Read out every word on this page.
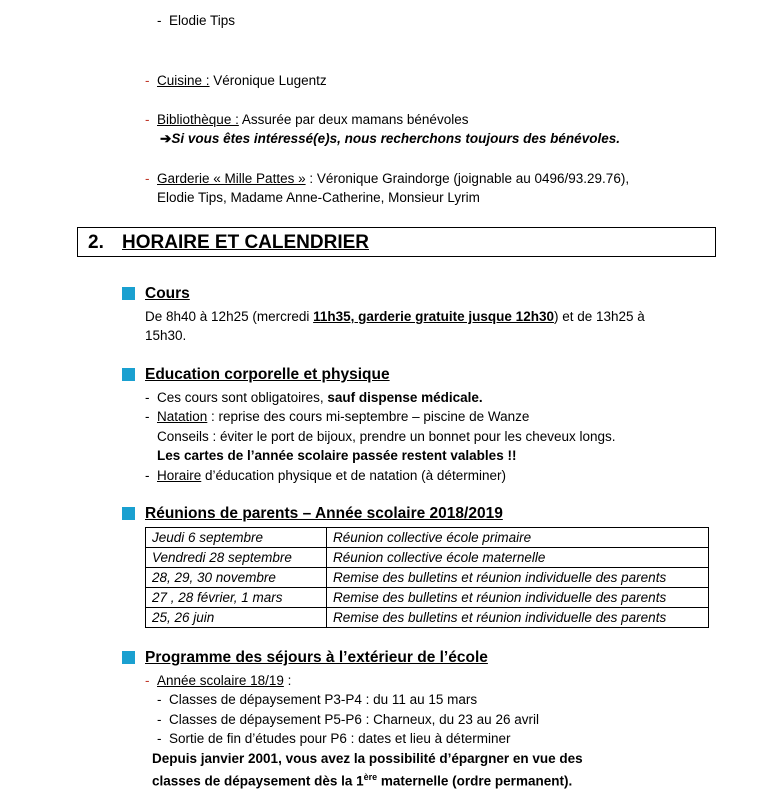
-  Elodie Tips
- Cuisine : Véronique Lugentz
- Bibliothèque : Assurée par deux mamans bénévoles
➔Si vous êtes intéressé(e)s, nous recherchons toujours des bénévoles.
- Garderie « Mille Pattes » : Véronique Graindorge (joignable au 0496/93.29.76),
Elodie Tips, Madame Anne-Catherine, Monsieur Lyrim
2. HORAIRE ET CALENDRIER
Cours
De 8h40 à 12h25 (mercredi 11h35, garderie gratuite jusque 12h30) et de 13h25 à
15h30.
Education corporelle et physique
-  Ces cours sont obligatoires, sauf dispense médicale.
-  Natation : reprise des cours mi-septembre – piscine de Wanze
Conseils : éviter le port de bijoux, prendre un bonnet pour les cheveux longs.
Les cartes de l’année scolaire passée restent valables !!
-  Horaire d’éducation physique et de natation (à déterminer)
Réunions de parents – Année scolaire 2018/2019
Jeudi 6 septembre	Réunion collective école primaire
Vendredi 28 septembre	Réunion collective école maternelle
28, 29, 30 novembre	Remise des bulletins et réunion individuelle des parents
27 , 28 février, 1 mars	Remise des bulletins et réunion individuelle des parents
25, 26 juin	Remise des bulletins et réunion individuelle des parents
Programme des séjours à l’extérieur de l’école
- Année scolaire 18/19 :
-  Classes de dépaysement P3-P4 : du 11 au 15 mars
-  Classes de dépaysement P5-P6 : Charneux, du 23 au 26 avril
-  Sortie de fin d’études pour P6 : dates et lieu à déterminer
Depuis janvier 2001, vous avez la possibilité d’épargner en vue des
classes de dépaysement dès la 1ère maternelle (ordre permanent).
